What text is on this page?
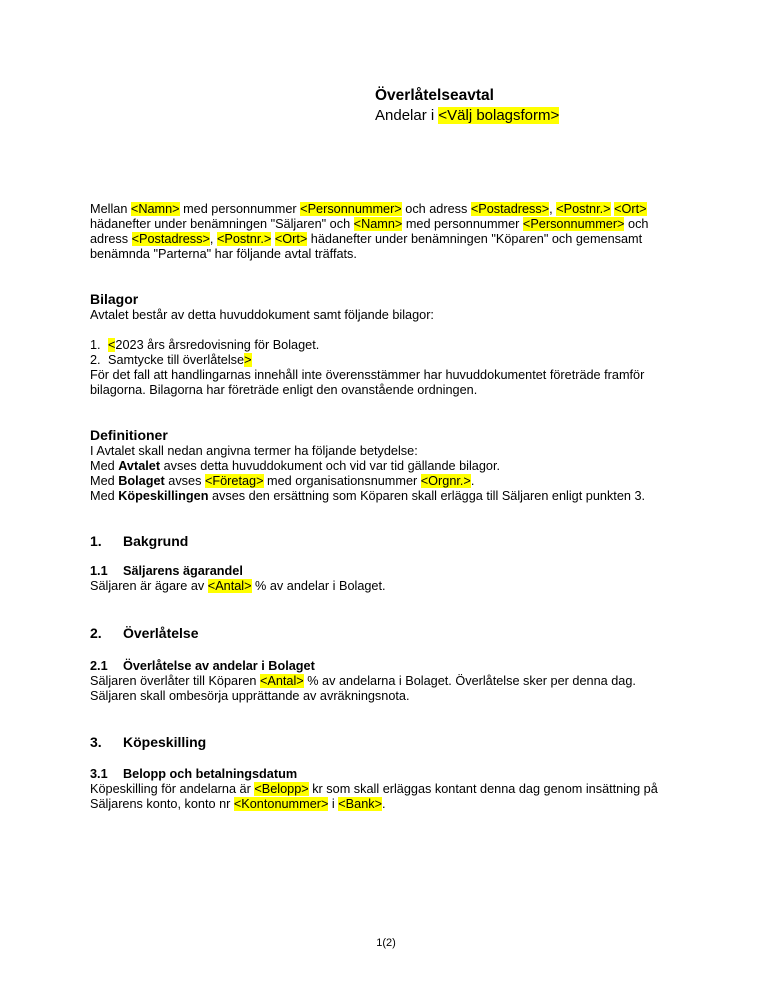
Överlåtelseavtal
Andelar i <Välj bolagsform>

Mellan <Namn> med personnummer <Personnummer> och adress <Postadress>, <Postnr.> <Ort> hädanefter under benämningen "Säljaren" och <Namn> med personnummer <Personnummer> och adress <Postadress>, <Postnr.> <Ort> hädanefter under benämningen "Köparen" och gemensamt benämnda "Parterna" har följande avtal träffats.

Bilagor

Avtalet består av detta huvuddokument samt följande bilagor:

1. <2023 års årsredovisning för Bolaget.
2. Samtycke till överlåtelse>

För det fall att handlingarnas innehåll inte överensstämmer har huvuddokumentet företräde framför bilagorna. Bilagorna har företräde enligt den ovanstående ordningen.

Definitioner

I Avtalet skall nedan angivna termer ha följande betydelse:

Med Avtalet avses detta huvuddokument och vid var tid gällande bilagor.

Med Bolaget avses <Företag> med organisationsnummer <Orgnr.>.

Med Köpeskillingen avses den ersättning som Köparen skall erlägga till Säljaren enligt punkten 3.

1.	Bakgrund
1.1	Säljarens ägarandel

Säljaren är ägare av <Antal> % av andelar i Bolaget.

2.	Överlåtelse
2.1	Överlåtelse av andelar i Bolaget

Säljaren överlåter till Köparen <Antal> % av andelarna i Bolaget. Överlåtelse sker per denna dag. Säljaren skall ombesörja upprättande av avräkningsnota.

3.	Köpeskilling
3.1	Belopp och betalningsdatum

Köpeskilling för andelarna är <Belopp> kr som skall erläggas kontant denna dag genom insättning på Säljarens konto, konto nr <Kontonummer> i <Bank>.

1(2)
